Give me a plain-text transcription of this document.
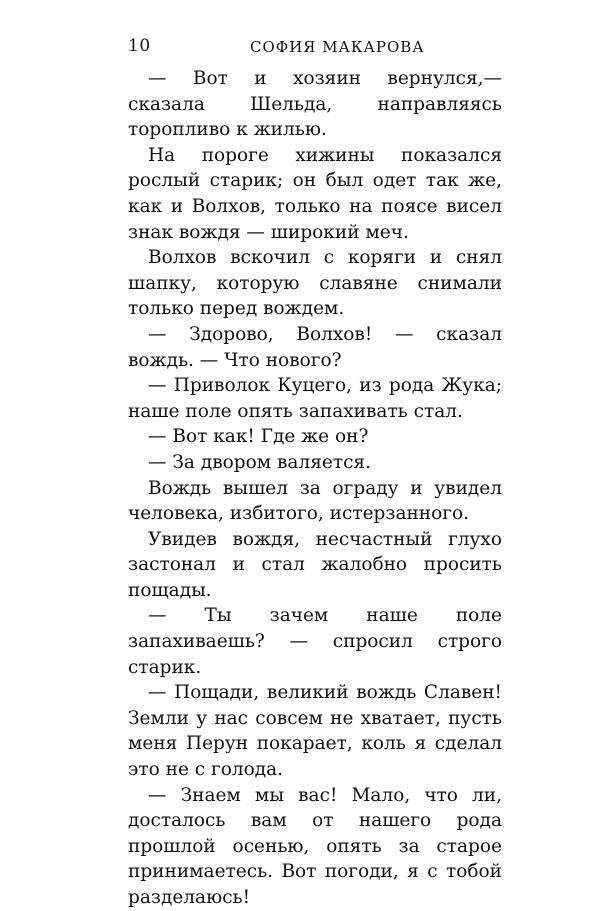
10	СОФИЯ МАКАРОВА

— Вот и хозяин вернулся,— сказала Шельда, направляясь торопливо к жилью.

На пороге хижины показался рослый старик; он был одет так же, как и Волхов, только на поясе висел знак вождя — широкий меч.

Волхов вскочил с коряги и снял шапку, которую славяне снимали только перед вождем.

— Здорово, Волхов! — сказал вождь. — Что нового?

— Приволок Куцего, из рода Жука; наше поле опять запахивать стал.

— Вот как! Где же он?

— За двором валяется.

Вождь вышел за ограду и увидел человека, избитого, истерзанного.

Увидев вождя, несчастный глухо застонал и стал жалобно просить пощады.

— Ты зачем наше поле запахиваешь? — спросил строго старик.

— Пощади, великий вождь Славен! Земли у нас совсем не хватает, пусть меня Перун покарает, коль я сделал это не с голода.

— Знаем мы вас! Мало, что ли, досталось вам от нашего рода прошлой осенью, опять за старое принимаетесь. Вот погоди, я с тобой разделаюсь!
